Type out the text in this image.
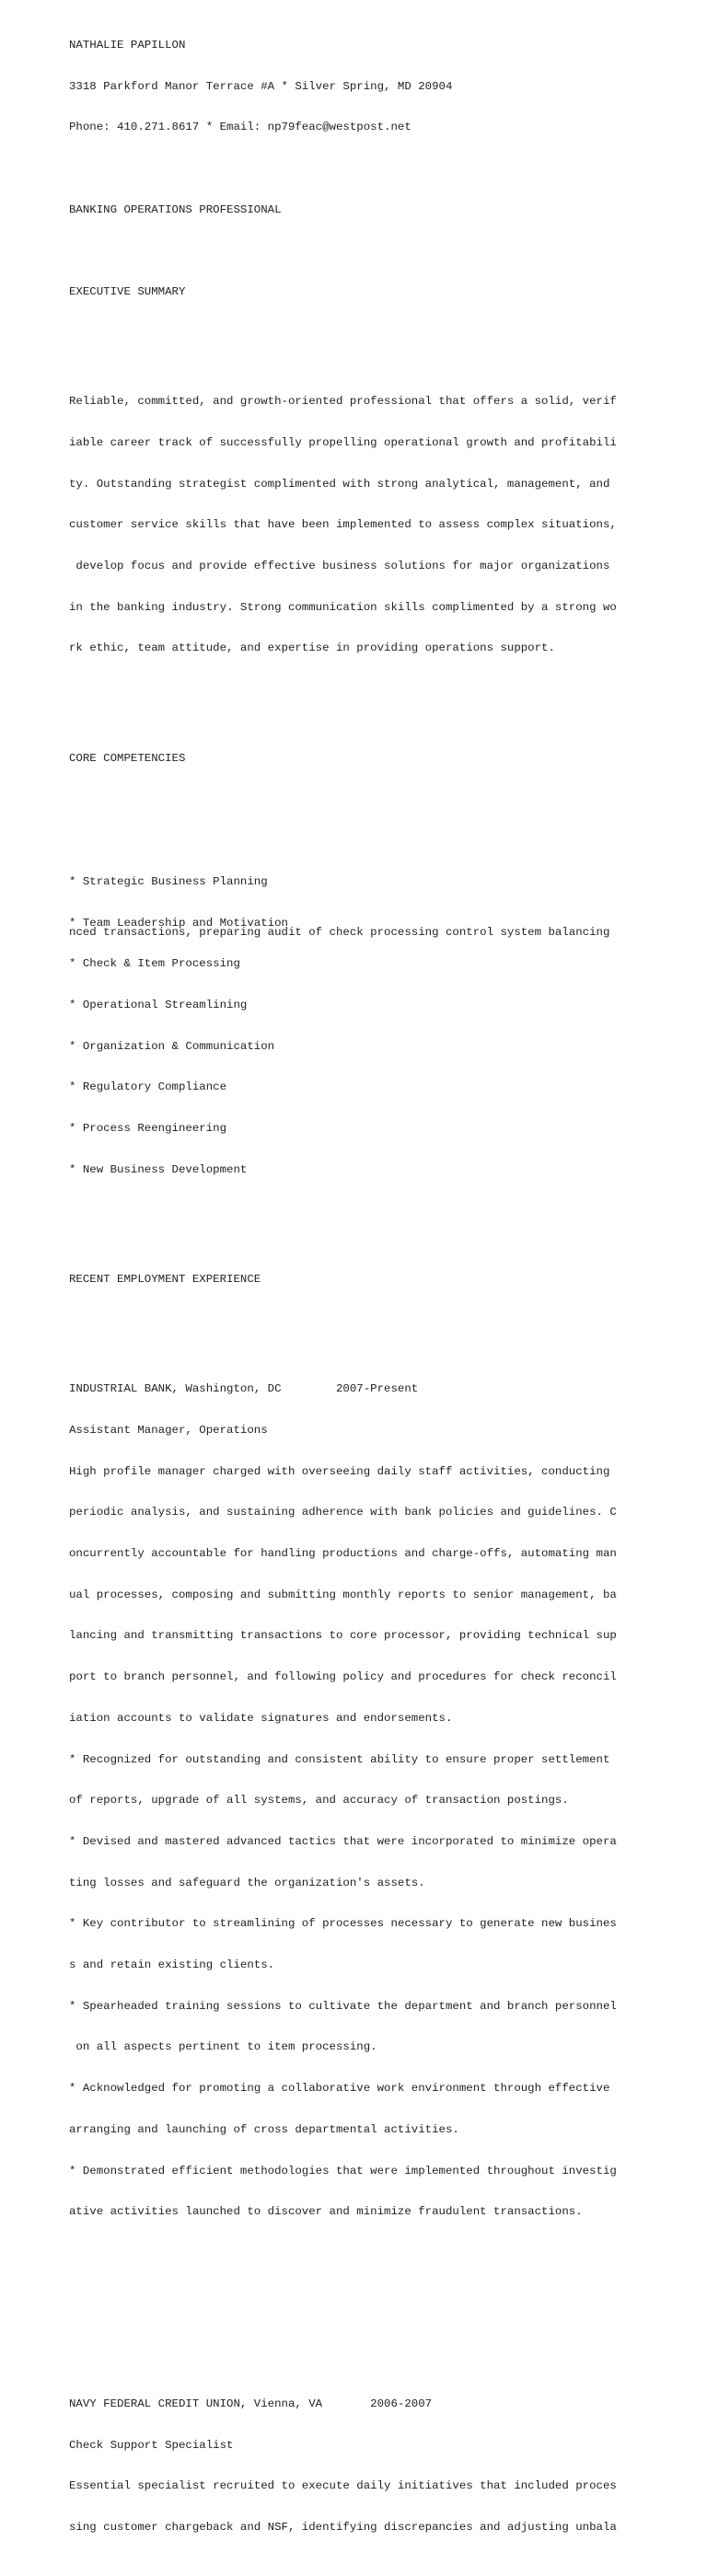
NATHALIE PAPILLON

3318 Parkford Manor Terrace #A * Silver Spring, MD 20904

Phone: 410.271.8617 * Email: np79feac@westpost.net

BANKING OPERATIONS PROFESSIONAL

EXECUTIVE SUMMARY

Reliable, committed, and growth-oriented professional that offers a solid, verif

iable career track of successfully propelling operational growth and profitabili

ty. Outstanding strategist complimented with strong analytical, management, and

customer service skills that have been implemented to assess complex situations,

develop focus and provide effective business solutions for major organizations

in the banking industry. Strong communication skills complimented by a strong wo

rk ethic, team attitude, and expertise in providing operations support.

CORE COMPETENCIES

* Strategic Business Planning

* Team Leadership and Motivation

* Check & Item Processing

* Operational Streamlining

* Organization & Communication

* Regulatory Compliance

* Process Reengineering

* New Business Development

RECENT EMPLOYMENT EXPERIENCE

INDUSTRIAL BANK, Washington, DC        2007-Present

Assistant Manager, Operations

High profile manager charged with overseeing daily staff activities, conducting

periodic analysis, and sustaining adherence with bank policies and guidelines. C

oncurrently accountable for handling productions and charge-offs, automating man

ual processes, composing and submitting monthly reports to senior management, ba

lancing and transmitting transactions to core processor, providing technical sup

port to branch personnel, and following policy and procedures for check reconcil

iation accounts to validate signatures and endorsements.

* Recognized for outstanding and consistent ability to ensure proper settlement

of reports, upgrade of all systems, and accuracy of transaction postings.

* Devised and mastered advanced tactics that were incorporated to minimize opera

ting losses and safeguard the organization's assets.

* Key contributor to streamlining of processes necessary to generate new busines

s and retain existing clients.

* Spearheaded training sessions to cultivate the department and branch personnel

on all aspects pertinent to item processing.

* Acknowledged for promoting a collaborative work environment through effective

arranging and launching of cross departmental activities.

* Demonstrated efficient methodologies that were implemented throughout investig

ative activities launched to discover and minimize fraudulent transactions.

NAVY FEDERAL CREDIT UNION, Vienna, VA       2006-2007

Check Support Specialist

Essential specialist recruited to execute daily initiatives that included proces

sing customer chargeback and NSF, identifying discrepancies and adjusting unbala

nced transactions, preparing audit of check processing control system balancing
